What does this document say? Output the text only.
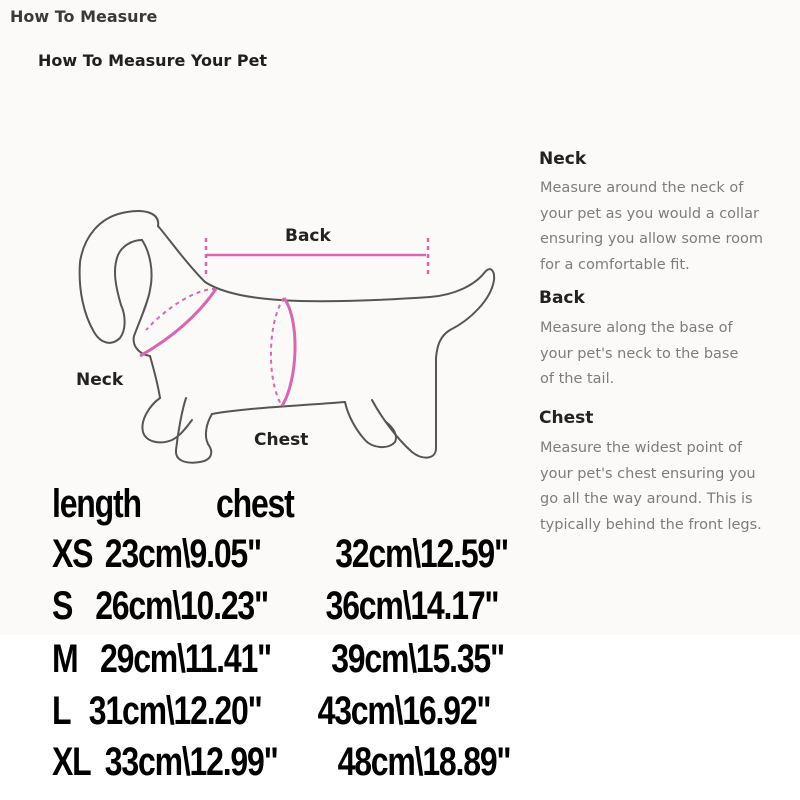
How To Measure
How To Measure Your Pet
Back
Neck
Chest
Neck
Measure around the neck of
your pet as you would a collar
ensuring you allow some room
for a comfortable fit.
Back
Measure along the base of
your pet's neck to the base
of the tail.
Chest
Measure the widest point of
your pet's chest ensuring you
go all the way around. This is
typically behind the front legs.
length chest
XS 23cm\9.05" 32cm\12.59"
S 26cm\10.23" 36cm\14.17"
M 29cm\11.41" 39cm\15.35"
L 31cm\12.20" 43cm\16.92"
XL 33cm\12.99" 48cm\18.89"
